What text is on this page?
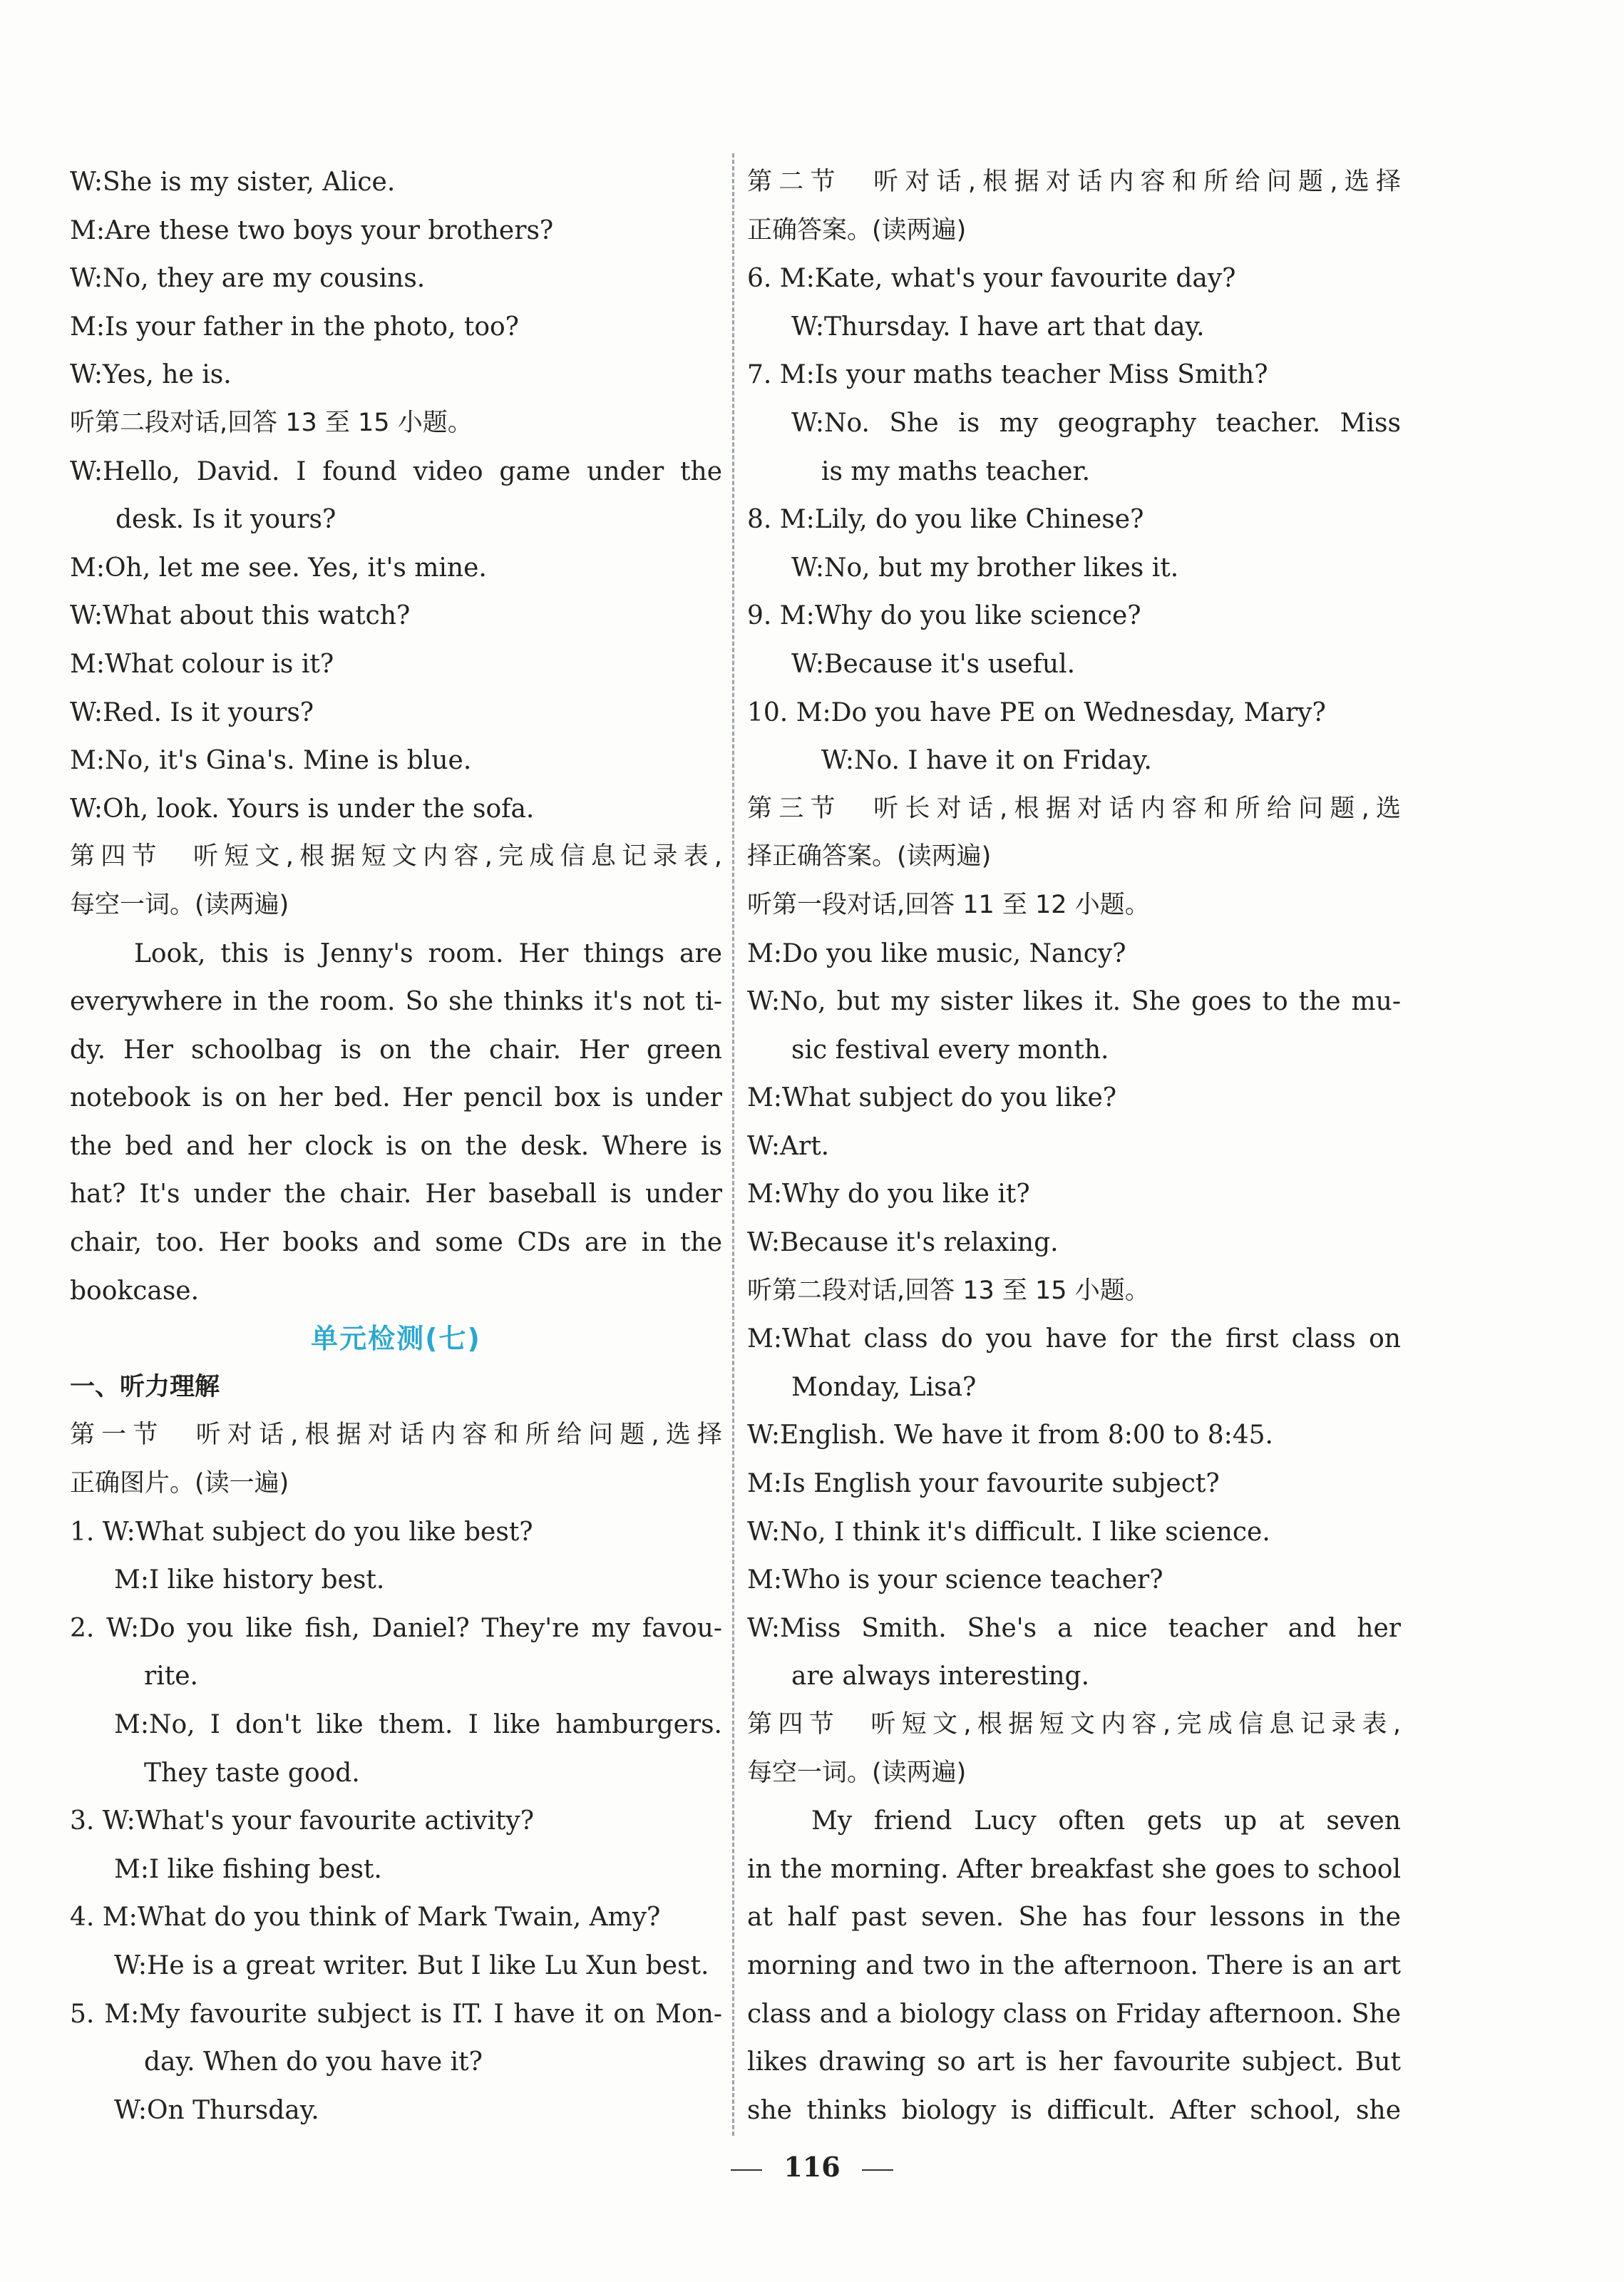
W:She is my sister, Alice.
M:Are these two boys your brothers?
W:No, they are my cousins.
M:Is your father in the photo, too?
W:Yes, he is.
听第二段对话,回答 13 至 15 小题。
W:Hello, David. I found video game under the
desk. Is it yours?
M:Oh, let me see. Yes, it's mine.
W:What about this watch?
M:What colour is it?
W:Red. Is it yours?
M:No, it's Gina's. Mine is blue.
W:Oh, look. Yours is under the sofa.
第四节　听短文,根据短文内容,完成信息记录表,
每空一词。(读两遍)
Look, this is Jenny's room. Her things are
everywhere in the room. So she thinks it's not ti-
dy. Her schoolbag is on the chair. Her green
notebook is on her bed. Her pencil box is under
the bed and her clock is on the desk. Where is
hat? It's under the chair. Her baseball is under
chair, too. Her books and some CDs are in the
bookcase.
单元检测(七)
一、听力理解
第一节　听对话,根据对话内容和所给问题,选择
正确图片。(读一遍)
1. W:What subject do you like best?
M:I like history best.
2. W:Do you like fish, Daniel? They're my favou-
rite.
M:No, I don't like them. I like hamburgers.
They taste good.
3. W:What's your favourite activity?
M:I like fishing best.
4. M:What do you think of Mark Twain, Amy?
W:He is a great writer. But I like Lu Xun best.
5. M:My favourite subject is IT. I have it on Mon-
day. When do you have it?
W:On Thursday.
第二节　听对话,根据对话内容和所给问题,选择
正确答案。(读两遍)
6. M:Kate, what's your favourite day?
W:Thursday. I have art that day.
7. M:Is your maths teacher Miss Smith?
W:No. She is my geography teacher. Miss
is my maths teacher.
8. M:Lily, do you like Chinese?
W:No, but my brother likes it.
9. M:Why do you like science?
W:Because it's useful.
10. M:Do you have PE on Wednesday, Mary?
W:No. I have it on Friday.
第三节　听长对话,根据对话内容和所给问题,选
择正确答案。(读两遍)
听第一段对话,回答 11 至 12 小题。
M:Do you like music, Nancy?
W:No, but my sister likes it. She goes to the mu-
sic festival every month.
M:What subject do you like?
W:Art.
M:Why do you like it?
W:Because it's relaxing.
听第二段对话,回答 13 至 15 小题。
M:What class do you have for the first class on
Monday, Lisa?
W:English. We have it from 8:00 to 8:45.
M:Is English your favourite subject?
W:No, I think it's difficult. I like science.
M:Who is your science teacher?
W:Miss Smith. She's a nice teacher and her
are always interesting.
第四节　听短文,根据短文内容,完成信息记录表,
每空一词。(读两遍)
My friend Lucy often gets up at seven
in the morning. After breakfast she goes to school
at half past seven. She has four lessons in the
morning and two in the afternoon. There is an art
class and a biology class on Friday afternoon. She
likes drawing so art is her favourite subject. But
she thinks biology is difficult. After school, she
116
